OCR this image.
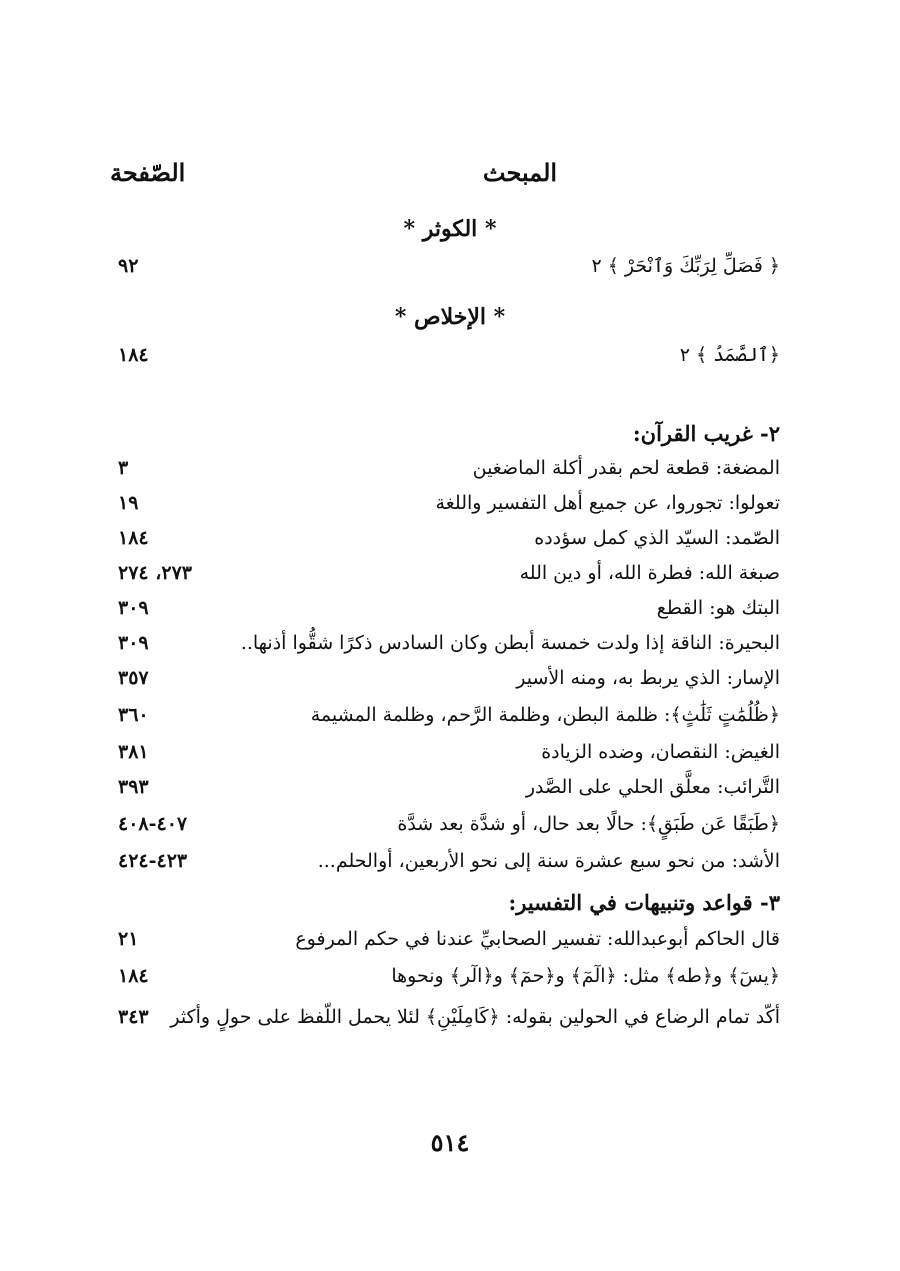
المبحث
الصّفحة
* الكوثر *
﴿ فَصَلِّ لِرَبِّكَ وَٱنْحَرْ ﴾ ٢
٩٢
* الإخلاص *
﴿ٱلصَّمَدُ ﴾ ٢
١٨٤
٢- غريب القرآن:
المضغة: قطعة لحم بقدر أكلة الماضغين
٣
تعولوا: تجوروا، عن جميع أهل التفسير واللغة
١٩
الصّمد: السيّد الذي كمل سؤدده
١٨٤
صبغة الله: فطرة الله، أو دين الله
٢٧٣، ٢٧٤
البتك هو: القطع
٣٠٩
البحيرة: الناقة إذا ولدت خمسة أبطن وكان السادس ذكرًا شقُّوا أذنها..
٣٠٩
الإسار: الذي يربط به، ومنه الأسير
٣٥٧
﴿ظُلُمَٰتٍ ثَلَٰثٍ﴾: ظلمة البطن، وظلمة الرَّحم، وظلمة المشيمة
٣٦٠
الغيض: النقصان، وضده الزيادة
٣٨١
التَّرائب: معلَّق الحلي على الصَّدر
٣٩٣
﴿طَبَقًا عَن طَبَقٍ﴾: حالًا بعد حال، أو شدَّة بعد شدَّة
٤٠٧-٤٠٨
الأشد: من نحو سبع عشرة سنة إلى نحو الأربعين، أوالحلم...
٤٢٣-٤٢٤
٣- قواعد وتنبيهات في التفسير:
قال الحاكم أبوعبدالله: تفسير الصحابيِّ عندنا في حكم المرفوع
٢١
﴿يسٓ﴾ و﴿طه﴾ مثل: ﴿الٓمٓ﴾ و﴿حمٓ﴾ و﴿الٓر﴾ ونحوها
١٨٤
أكّد تمام الرضاع في الحولين بقوله: ﴿كَامِلَيْنِ﴾ لئلا يحمل اللّفظ على حولٍ وأكثر
٣٤٣
٥١٤
